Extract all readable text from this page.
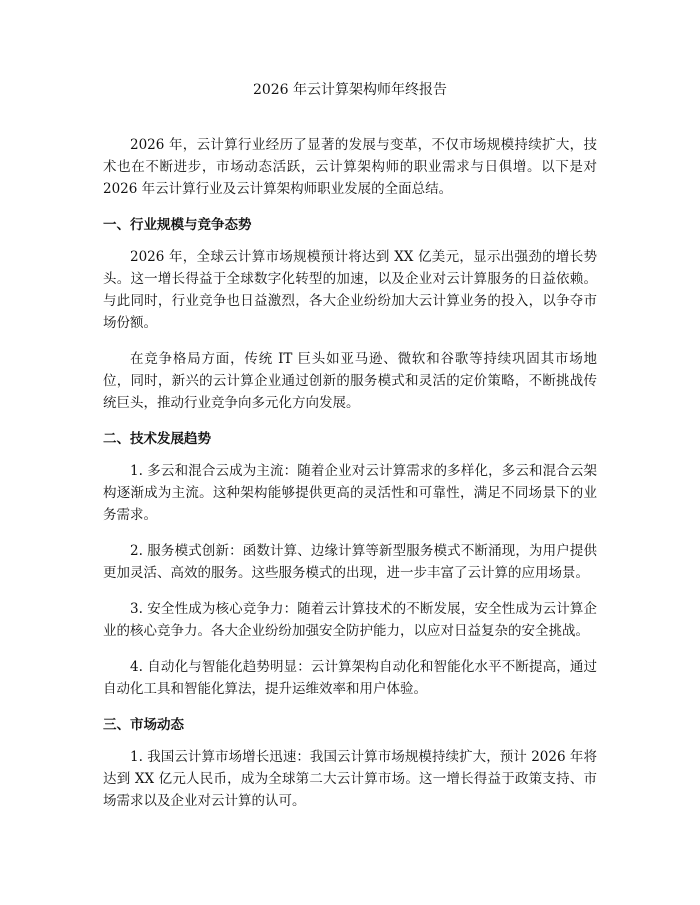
2026 年云计算架构师年终报告

2026 年，云计算行业经历了显著的发展与变革，不仅市场规模持续扩大，技术也在不断进步，市场动态活跃，云计算架构师的职业需求与日俱增。以下是对 2026 年云计算行业及云计算架构师职业发展的全面总结。

一、行业规模与竞争态势

2026 年，全球云计算市场规模预计将达到 XX 亿美元，显示出强劲的增长势头。这一增长得益于全球数字化转型的加速，以及企业对云计算服务的日益依赖。与此同时，行业竞争也日益激烈，各大企业纷纷加大云计算业务的投入，以争夺市场份额。

在竞争格局方面，传统 IT 巨头如亚马逊、微软和谷歌等持续巩固其市场地位，同时，新兴的云计算企业通过创新的服务模式和灵活的定价策略，不断挑战传统巨头，推动行业竞争向多元化方向发展。

二、技术发展趋势

1. 多云和混合云成为主流：随着企业对云计算需求的多样化，多云和混合云架构逐渐成为主流。这种架构能够提供更高的灵活性和可靠性，满足不同场景下的业务需求。

2. 服务模式创新：函数计算、边缘计算等新型服务模式不断涌现，为用户提供更加灵活、高效的服务。这些服务模式的出现，进一步丰富了云计算的应用场景。

3. 安全性成为核心竞争力：随着云计算技术的不断发展，安全性成为云计算企业的核心竞争力。各大企业纷纷加强安全防护能力，以应对日益复杂的安全挑战。

4. 自动化与智能化趋势明显：云计算架构自动化和智能化水平不断提高，通过自动化工具和智能化算法，提升运维效率和用户体验。

三、市场动态

1. 我国云计算市场增长迅速：我国云计算市场规模持续扩大，预计 2026 年将达到 XX 亿元人民币，成为全球第二大云计算市场。这一增长得益于政策支持、市场需求以及企业对云计算的认可。
